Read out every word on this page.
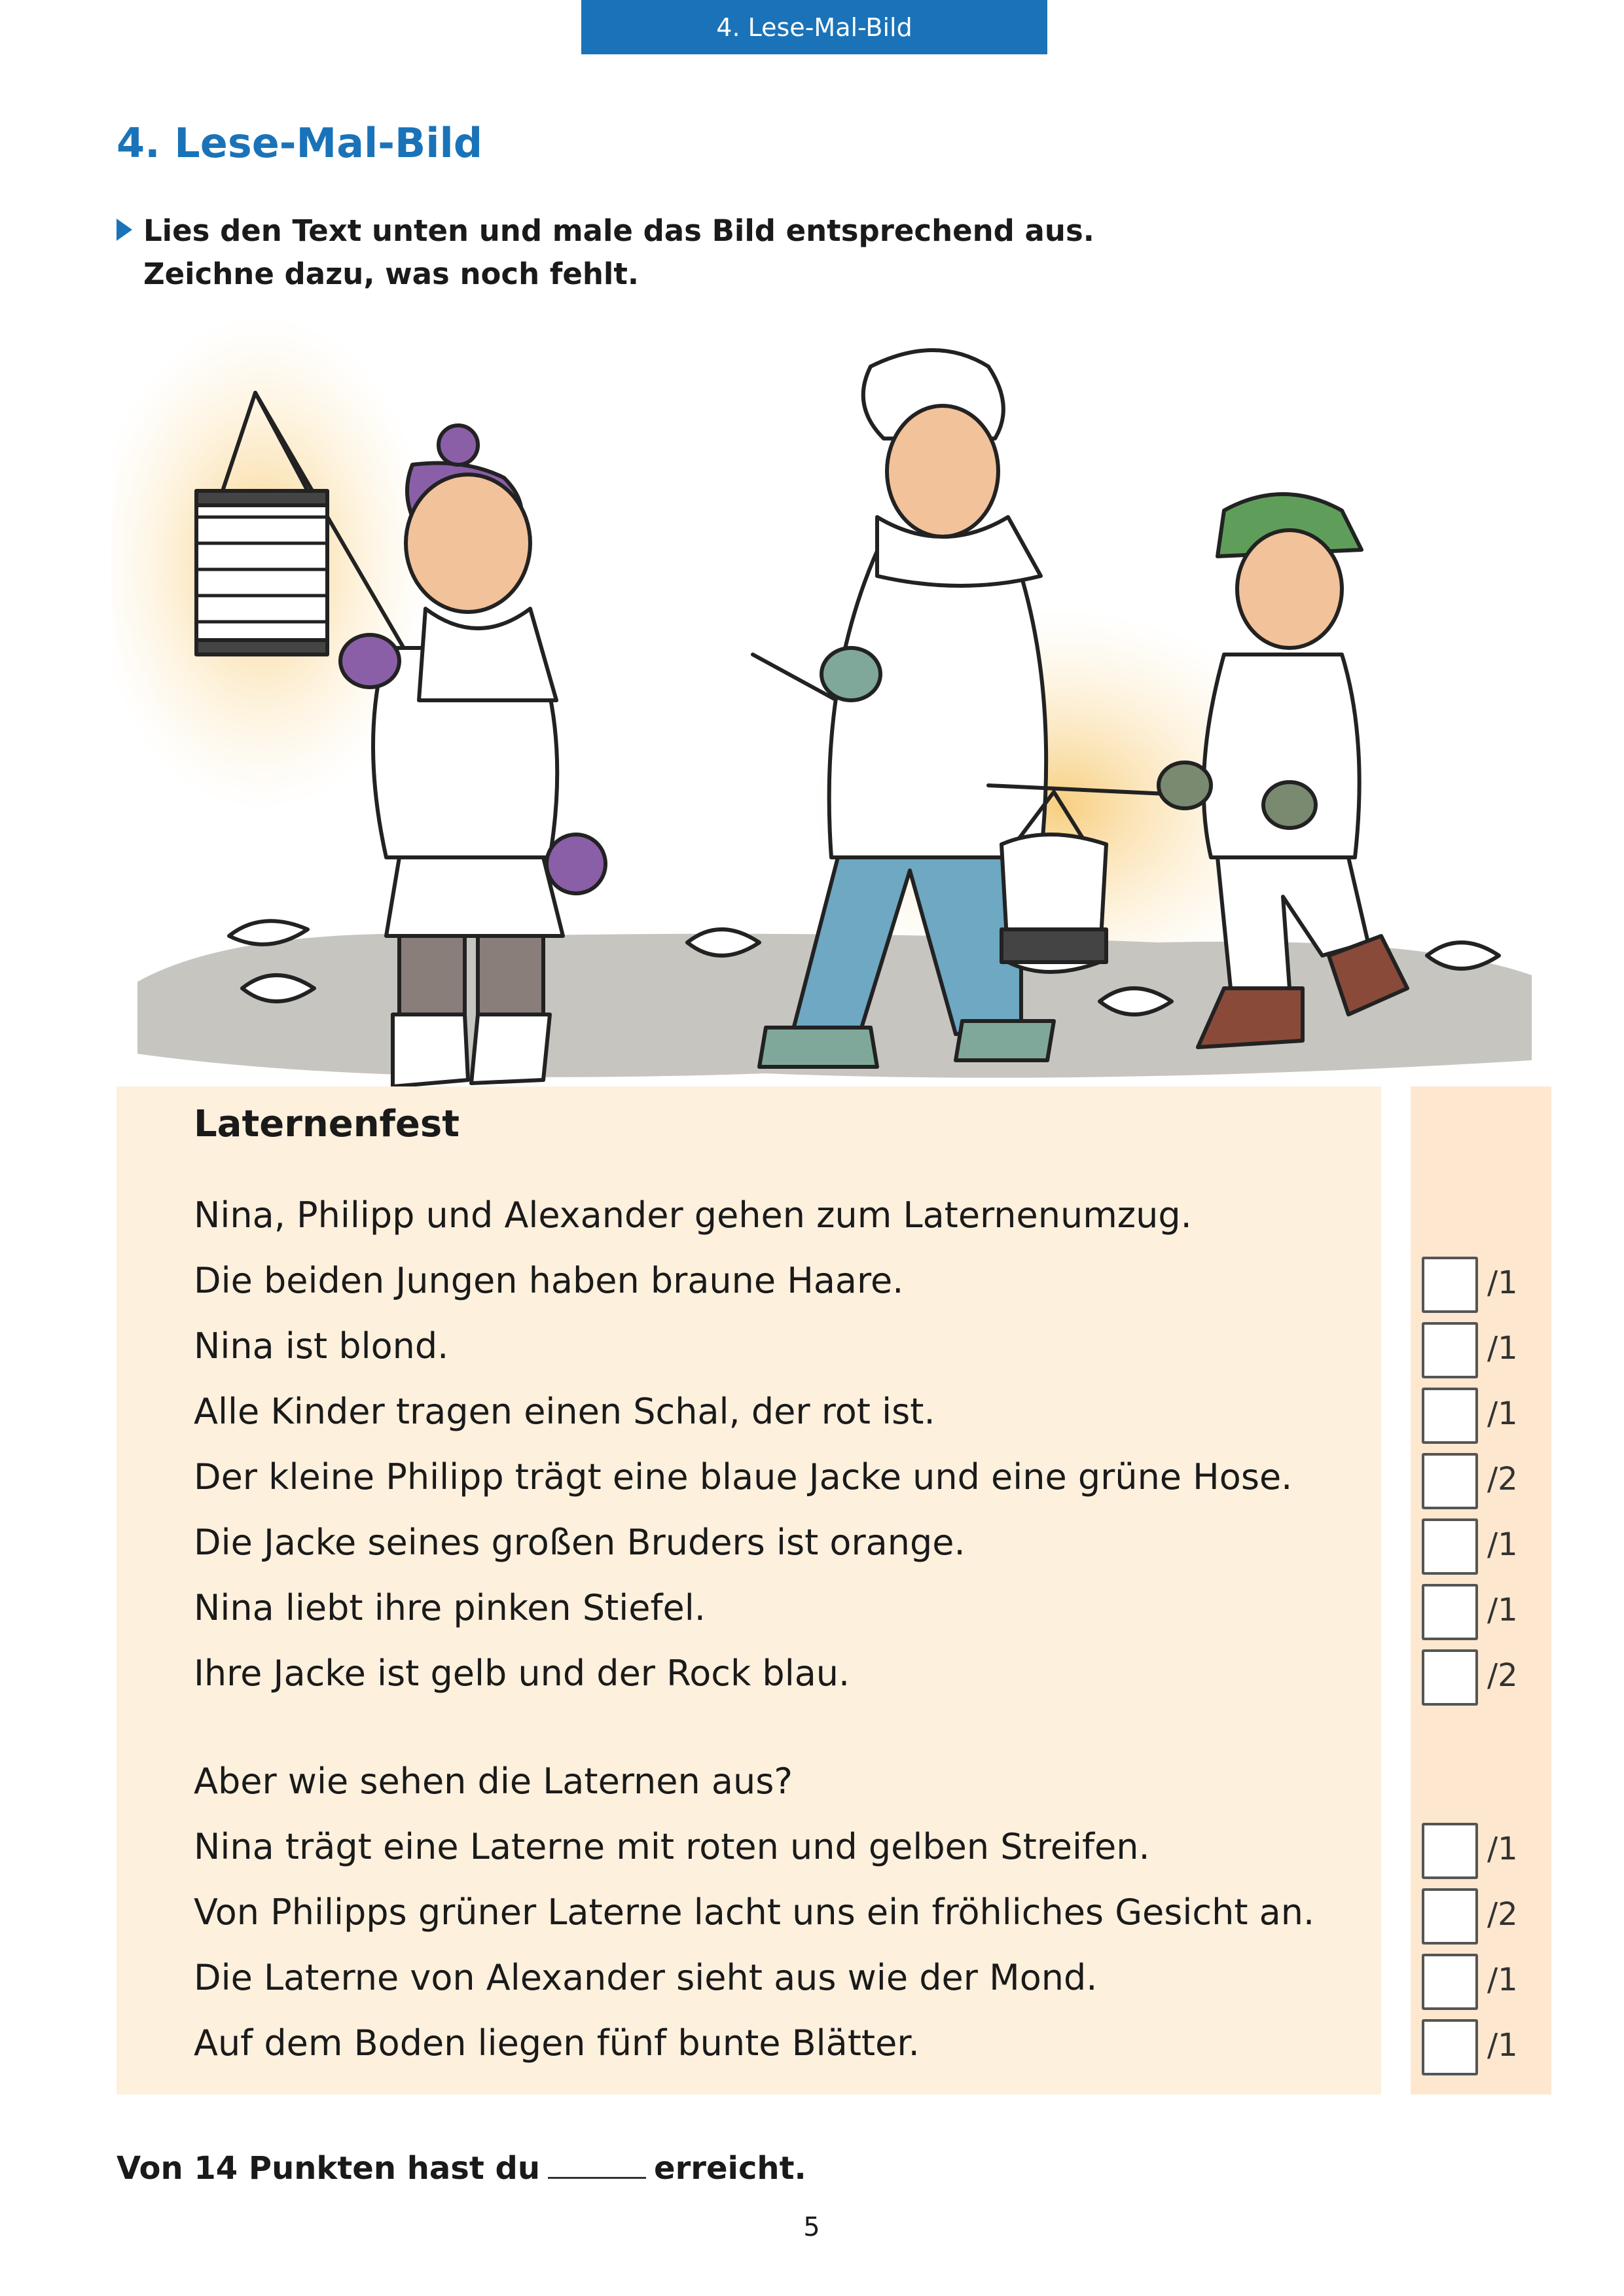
4. Lese-Mal-Bild
4. Lese-Mal-Bild
Lies den Text unten und male das Bild entsprechend aus.
Zeichne dazu, was noch fehlt.
Laternenfest
Nina, Philipp und Alexander gehen zum Laternenumzug.
Die beiden Jungen haben braune Haare.	/1
Nina ist blond.	/1
Alle Kinder tragen einen Schal, der rot ist.	/1
Der kleine Philipp trägt eine blaue Jacke und eine grüne Hose.	/2
Die Jacke seines großen Bruders ist orange.	/1
Nina liebt ihre pinken Stiefel.	/1
Ihre Jacke ist gelb und der Rock blau.	/2
Aber wie sehen die Laternen aus?
Nina trägt eine Laterne mit roten und gelben Streifen.	/1
Von Philipps grüner Laterne lacht uns ein fröhliches Gesicht an.	/2
Die Laterne von Alexander sieht aus wie der Mond.	/1
Auf dem Boden liegen fünf bunte Blätter.	/1
Von 14 Punkten hast du	erreicht.
5
